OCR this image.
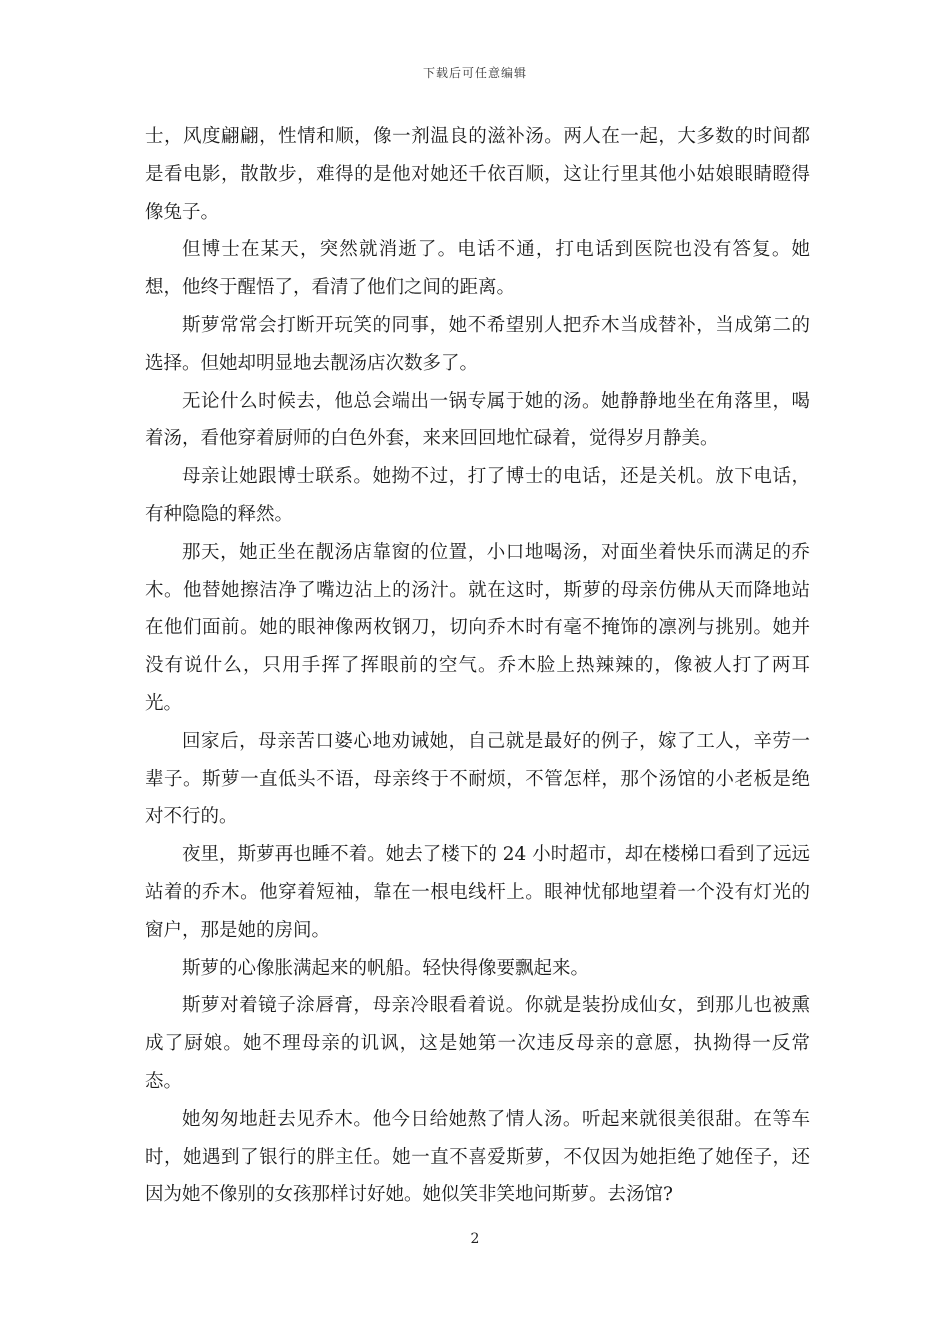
下载后可任意编辑

士，风度翩翩，性情和顺，像一剂温良的滋补汤。两人在一起，大多数的时间都是看电影，散散步，难得的是他对她还千依百顺，这让行里其他小姑娘眼睛瞪得像兔子。

但博士在某天，突然就消逝了。电话不通，打电话到医院也没有答复。她想，他终于醒悟了，看清了他们之间的距离。

斯萝常常会打断开玩笑的同事，她不希望别人把乔木当成替补，当成第二的选择。但她却明显地去靓汤店次数多了。

无论什么时候去，他总会端出一锅专属于她的汤。她静静地坐在角落里，喝着汤，看他穿着厨师的白色外套，来来回回地忙碌着，觉得岁月静美。

母亲让她跟博士联系。她拗不过，打了博士的电话，还是关机。放下电话，有种隐隐的释然。

那天，她正坐在靓汤店靠窗的位置，小口地喝汤，对面坐着快乐而满足的乔木。他替她擦洁净了嘴边沾上的汤汁。就在这时，斯萝的母亲仿佛从天而降地站在他们面前。她的眼神像两枚钢刀，切向乔木时有毫不掩饰的凛冽与挑别。她并没有说什么，只用手挥了挥眼前的空气。乔木脸上热辣辣的，像被人打了两耳光。

回家后，母亲苦口婆心地劝诫她，自己就是最好的例子，嫁了工人，辛劳一辈子。斯萝一直低头不语，母亲终于不耐烦，不管怎样，那个汤馆的小老板是绝对不行的。

夜里，斯萝再也睡不着。她去了楼下的 24 小时超市，却在楼梯口看到了远远站着的乔木。他穿着短袖，靠在一根电线杆上。眼神忧郁地望着一个没有灯光的窗户，那是她的房间。

斯萝的心像胀满起来的帆船。轻快得像要飘起来。

斯萝对着镜子涂唇膏，母亲冷眼看着说。你就是装扮成仙女，到那儿也被熏成了厨娘。她不理母亲的讥讽，这是她第一次违反母亲的意愿，执拗得一反常态。

她匆匆地赶去见乔木。他今日给她熬了情人汤。听起来就很美很甜。在等车时，她遇到了银行的胖主任。她一直不喜爱斯萝，不仅因为她拒绝了她侄子，还因为她不像别的女孩那样讨好她。她似笑非笑地问斯萝。去汤馆?

2
